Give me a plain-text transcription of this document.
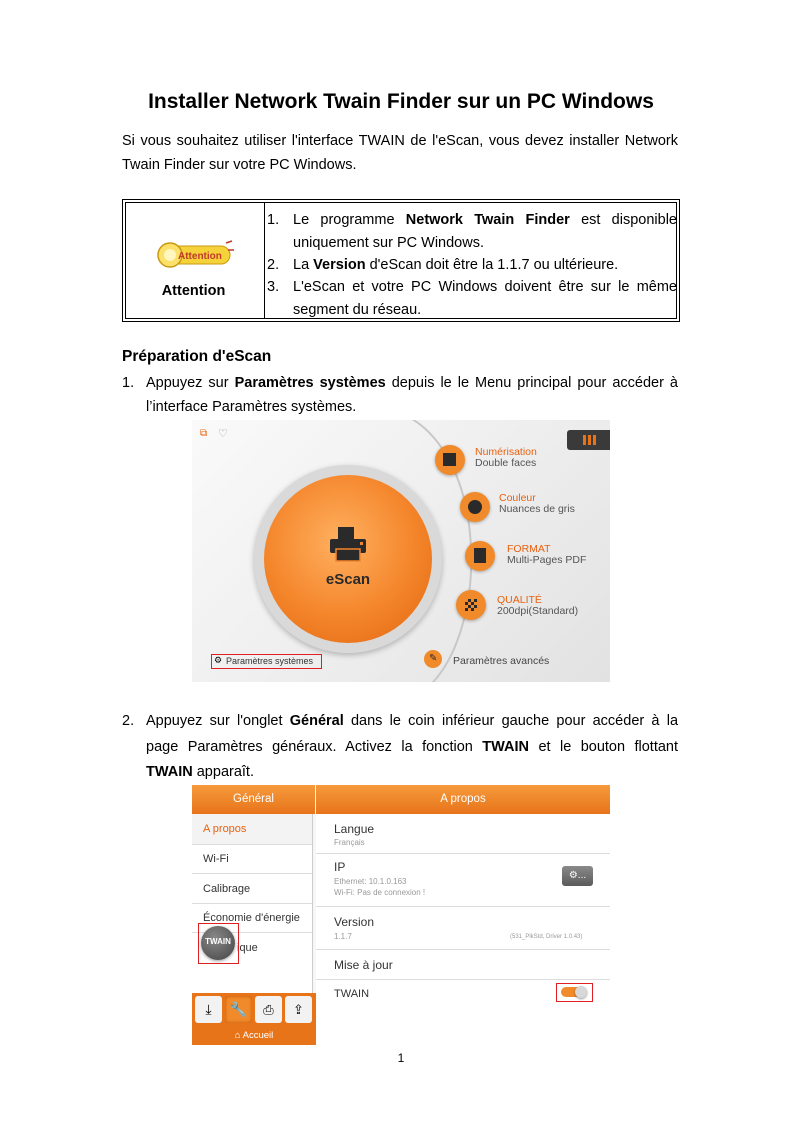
Installer Network Twain Finder sur un PC Windows
Si vous souhaitez utiliser l'interface TWAIN de l'eScan, vous devez installer Network
Twain Finder sur votre PC Windows.
Attention
Attention
1. Le programme Network Twain Finder est disponible
uniquement sur PC Windows.
2. La Version d'eScan doit être la 1.1.7 ou ultérieure.
3. L'eScan et votre PC Windows doivent être sur le même
segment du réseau.
Préparation d'eScan
1. Appuyez sur Paramètres systèmes depuis le le Menu principal pour accéder à
l’interface Paramètres systèmes.
⧉ ♡
eScan
Numérisation
Double faces
Couleur
Nuances de gris
FORMAT
Multi-Pages PDF
QUALITÉ
200dpi(Standard)
✎ Paramètres avancés
⚙ Paramètres systèmes
2. Appuyez sur l'onglet Général dans le coin inférieur gauche pour accéder à la
page Paramètres généraux. Activez la fonction TWAIN et le bouton flottant
TWAIN apparaît.
Général	A propos
A propos
Wi-Fi
Calibrage
Économie d'énergie
ique
TWAIN
⤓	🔧	⎙	⇪
⌂ Accueil
Langue
Français
IP
Ethernet: 10.1.0.163
Wi-Fi: Pas de connexion !
⚙...
Version
1.1.7	(531_PlkStd, Driver 1.0.43)
Mise à jour
TWAIN
1
